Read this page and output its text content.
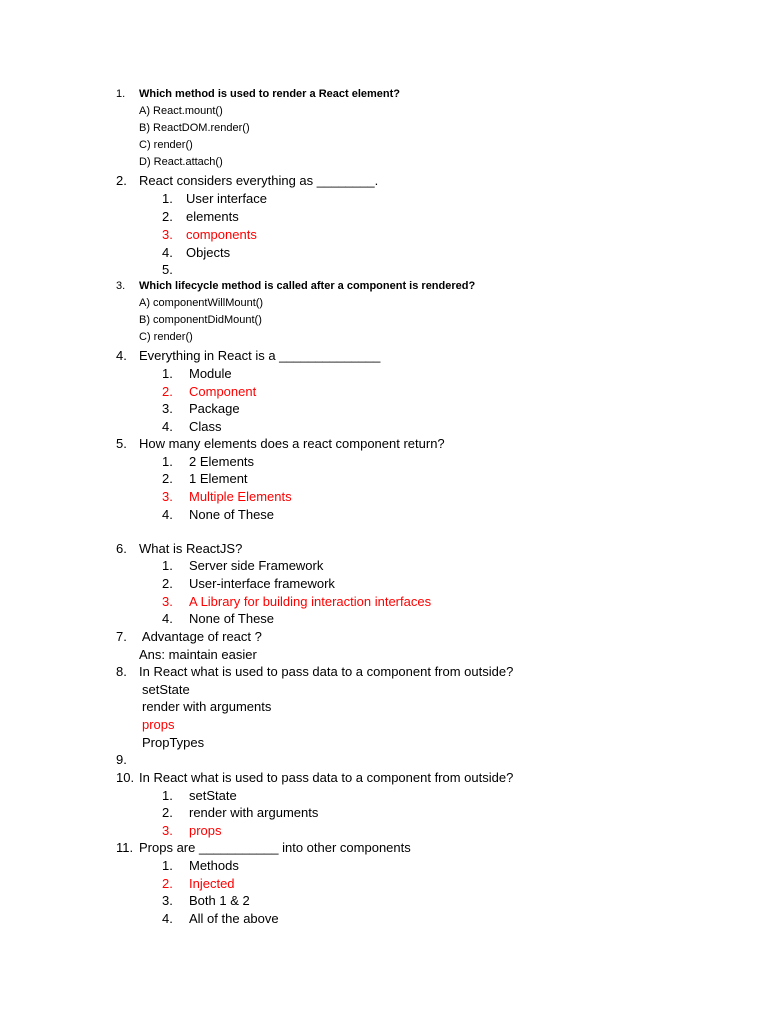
1. Which method is used to render a React element?
A) React.mount()
B) ReactDOM.render()
C) render()
D) React.attach()
2. React considers everything as ________.
1. User interface
2. elements
3. components
4. Objects
5.
3. Which lifecycle method is called after a component is rendered?
A) componentWillMount()
B) componentDidMount()
C) render()
4. Everything in React is a ______________
1. Module
2. Component
3. Package
4. Class
5. How many elements does a react component return?
1. 2 Elements
2. 1 Element
3. Multiple Elements
4. None of These
6. What is ReactJS?
1. Server side Framework
2. User-interface framework
3. A Library for building interaction interfaces
4. None of These
7. Advantage of react ?
Ans: maintain easier
8. In React what is used to pass data to a component from outside?
setState
render with arguments
props
PropTypes
9.
10. In React what is used to pass data to a component from outside?
1. setState
2. render with arguments
3. props
11. Props are ___________ into other components
1. Methods
2. Injected
3. Both 1 & 2
4. All of the above
